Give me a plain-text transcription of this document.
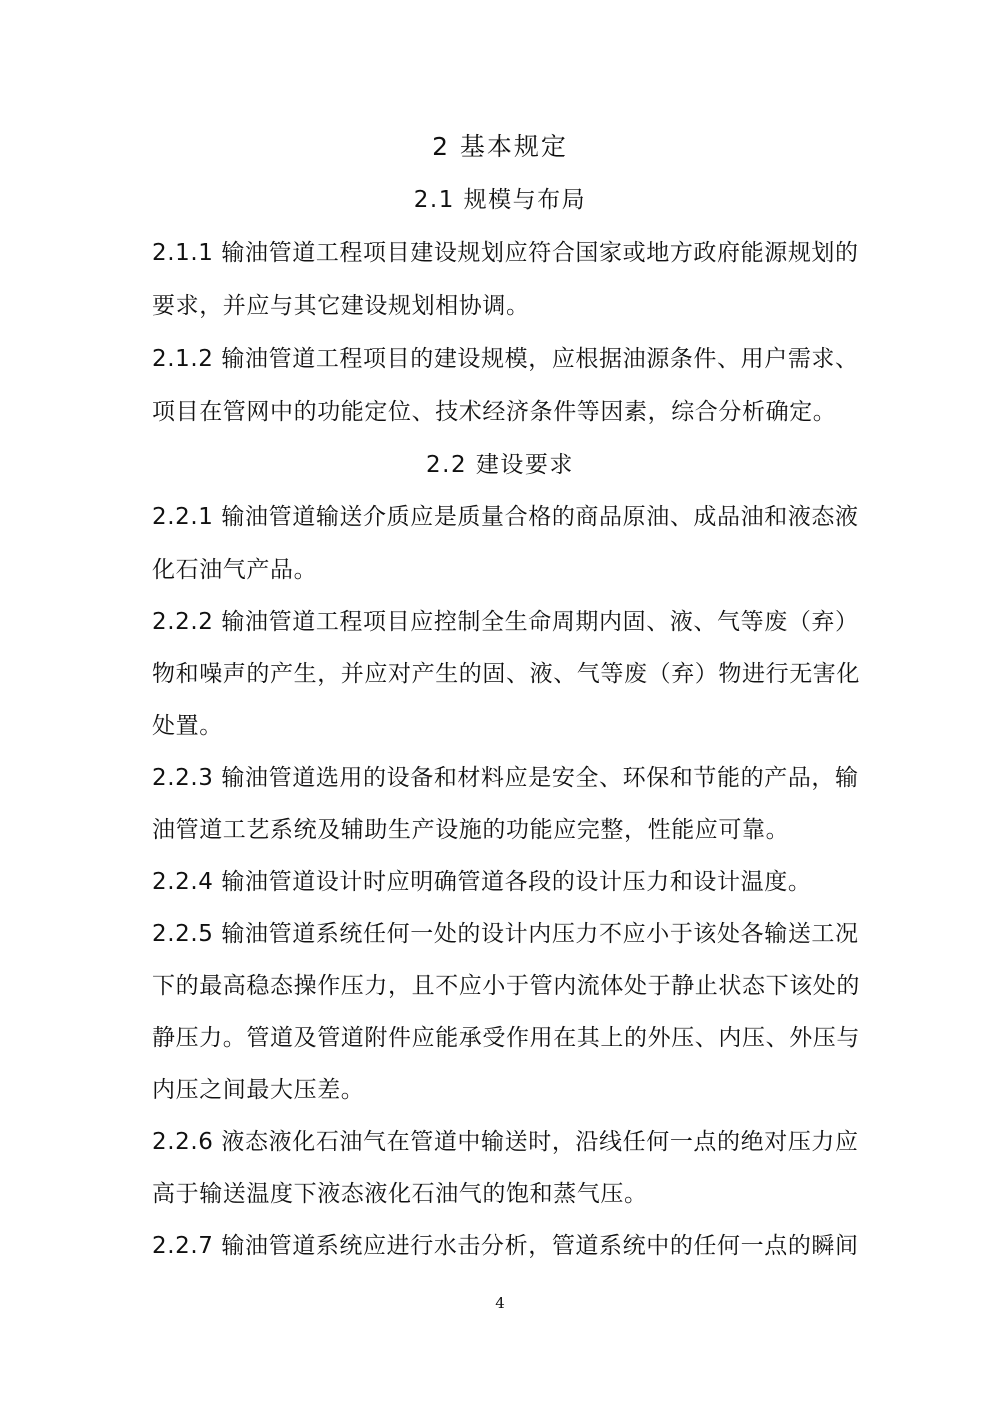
2 基本规定
2.1 规模与布局
2.1.1 输油管道工程项目建设规划应符合国家或地方政府能源规划的
要求，并应与其它建设规划相协调。
2.1.2 输油管道工程项目的建设规模，应根据油源条件、用户需求、
项目在管网中的功能定位、技术经济条件等因素，综合分析确定。
2.2 建设要求
2.2.1 输油管道输送介质应是质量合格的商品原油、成品油和液态液
化石油气产品。
2.2.2 输油管道工程项目应控制全生命周期内固、液、气等废（弃）
物和噪声的产生，并应对产生的固、液、气等废（弃）物进行无害化
处置。
2.2.3 输油管道选用的设备和材料应是安全、环保和节能的产品，输
油管道工艺系统及辅助生产设施的功能应完整，性能应可靠。
2.2.4 输油管道设计时应明确管道各段的设计压力和设计温度。
2.2.5 输油管道系统任何一处的设计内压力不应小于该处各输送工况
下的最高稳态操作压力，且不应小于管内流体处于静止状态下该处的
静压力。管道及管道附件应能承受作用在其上的外压、内压、外压与
内压之间最大压差。
2.2.6 液态液化石油气在管道中输送时，沿线任何一点的绝对压力应
高于输送温度下液态液化石油气的饱和蒸气压。
2.2.7 输油管道系统应进行水击分析，管道系统中的任何一点的瞬间
4
